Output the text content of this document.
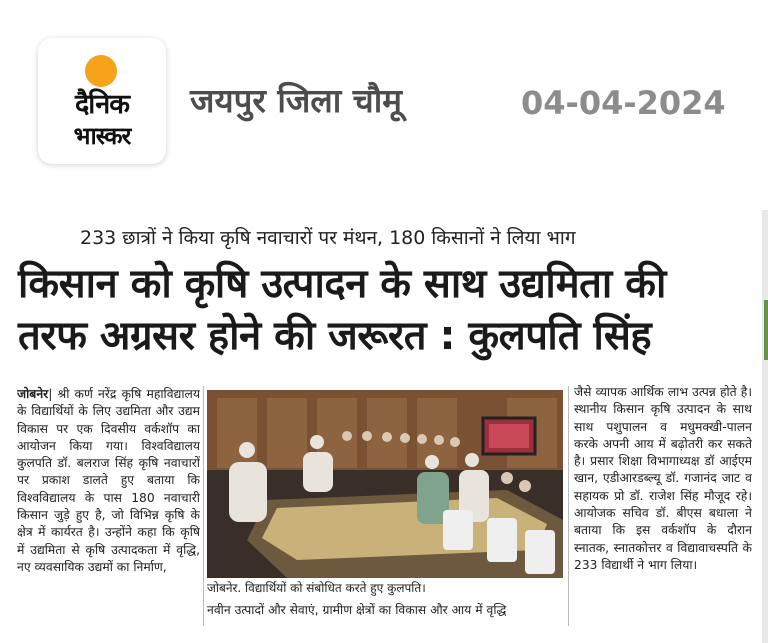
दैनिक
भास्कर
जयपुर जिला चौमू	04-04-2024
233 छात्रों ने किया कृषि नवाचारों पर मंथन, 180 किसानों ने लिया भाग
किसान को कृषि उत्पादन के साथ उद्यमिता की
तरफ अग्रसर होने की जरूरत : कुलपति सिंह

जोबनेर| श्री कर्ण नरेंद्र कृषि महाविद्यालय के विद्यार्थियों के लिए उद्यमिता और उद्यम विकास पर एक दिवसीय वर्कशॉप का आयोजन किया गया। विश्वविद्यालय कुलपति डॉ. बलराज सिंह कृषि नवाचारों पर प्रकाश डालते हुए बताया कि विश्वविद्यालय के पास 180 नवाचारी किसान जुड़े हुए है, जो विभिन्न कृषि के क्षेत्र में कार्यरत है। उन्होंने कहा कि कृषि में उद्यमिता से कृषि उत्पादकता में वृद्धि, नए व्यवसायिक उद्यमों का निर्माण,

जोबनेर. विद्यार्थियों को संबोधित करते हुए कुलपति।
नवीन उत्पादों और सेवाएं, ग्रामीण क्षेत्रों का विकास और आय में वृद्धि

जैसे व्यापक आर्थिक लाभ उत्पन्न होते है। स्थानीय किसान कृषि उत्पादन के साथ साथ पशुपालन व मधुमक्खी-पालन करके अपनी आय में बढ़ोतरी कर सकते है। प्रसार शिक्षा विभागाध्यक्ष डॉ आईएम खान, एडीआरडब्ल्यू डॉ. गजानंद जाट व सहायक प्रो डॉ. राजेश सिंह मौजूद रहे। आयोजक सचिव डॉ. बीएस बधाला ने बताया कि इस वर्कशॉप के दौरान स्नातक, स्नातकोत्तर व विद्यावाचस्पति के 233 विद्यार्थी ने भाग लिया।
